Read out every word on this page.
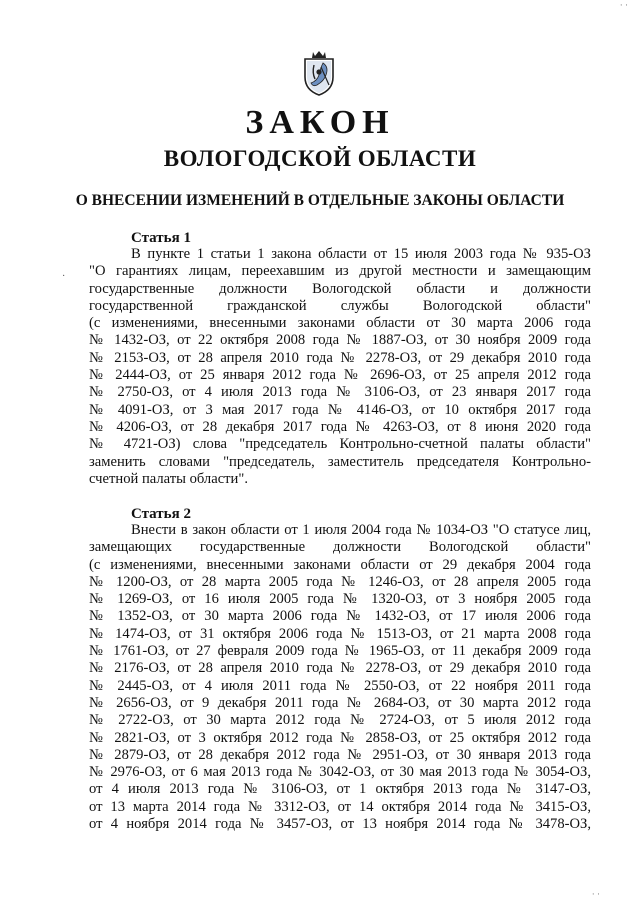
ЗАКОН
ВОЛОГОДСКОЙ ОБЛАСТИ
О ВНЕСЕНИИ ИЗМЕНЕНИЙ В ОТДЕЛЬНЫЕ ЗАКОНЫ ОБЛАСТИ
·

Статья 1

В пункте 1 статьи 1 закона области от 15 июля 2003 года № 935-ОЗ
"О гарантиях лицам, переехавшим из другой местности и замещающим
государственные должности Вологодской области и должности
государственной гражданской службы Вологодской области"
(с изменениями, внесенными законами области от 30 марта 2006 года
№ 1432-ОЗ, от 22 октября 2008 года № 1887-ОЗ, от 30 ноября 2009 года
№ 2153-ОЗ, от 28 апреля 2010 года № 2278-ОЗ, от 29 декабря 2010 года
№ 2444-ОЗ, от 25 января 2012 года № 2696-ОЗ, от 25 апреля 2012 года
№ 2750-ОЗ, от 4 июля 2013 года № 3106-ОЗ, от 23 января 2017 года
№ 4091-ОЗ, от 3 мая 2017 года № 4146-ОЗ, от 10 октября 2017 года
№ 4206-ОЗ, от 28 декабря 2017 года № 4263-ОЗ, от 8 июня 2020 года
№ 4721-ОЗ) слова "председатель Контрольно-счетной палаты области"
заменить словами "председатель, заместитель председателя Контрольно-
счетной палаты области".

Статья 2

Внести в закон области от 1 июля 2004 года № 1034-ОЗ "О статусе лиц,
замещающих государственные должности Вологодской области"
(с изменениями, внесенными законами области от 29 декабря 2004 года
№ 1200-ОЗ, от 28 марта 2005 года № 1246-ОЗ, от 28 апреля 2005 года
№ 1269-ОЗ, от 16 июля 2005 года № 1320-ОЗ, от 3 ноября 2005 года
№ 1352-ОЗ, от 30 марта 2006 года № 1432-ОЗ, от 17 июля 2006 года
№ 1474-ОЗ, от 31 октября 2006 года № 1513-ОЗ, от 21 марта 2008 года
№ 1761-ОЗ, от 27 февраля 2009 года № 1965-ОЗ, от 11 декабря 2009 года
№ 2176-ОЗ, от 28 апреля 2010 года № 2278-ОЗ, от 29 декабря 2010 года
№ 2445-ОЗ, от 4 июля 2011 года № 2550-ОЗ, от 22 ноября 2011 года
№ 2656-ОЗ, от 9 декабря 2011 года № 2684-ОЗ, от 30 марта 2012 года
№ 2722-ОЗ, от 30 марта 2012 года № 2724-ОЗ, от 5 июля 2012 года
№ 2821-ОЗ, от 3 октября 2012 года № 2858-ОЗ, от 25 октября 2012 года
№ 2879-ОЗ, от 28 декабря 2012 года № 2951-ОЗ, от 30 января 2013 года
№ 2976-ОЗ, от 6 мая 2013 года № 3042-ОЗ, от 30 мая 2013 года № 3054-ОЗ,
от 4 июля 2013 года № 3106-ОЗ, от 1 октября 2013 года № 3147-ОЗ,
от 13 марта 2014 года № 3312-ОЗ, от 14 октября 2014 года № 3415-ОЗ,
от 4 ноября 2014 года № 3457-ОЗ, от 13 ноября 2014 года № 3478-ОЗ,
· ·
· ·
